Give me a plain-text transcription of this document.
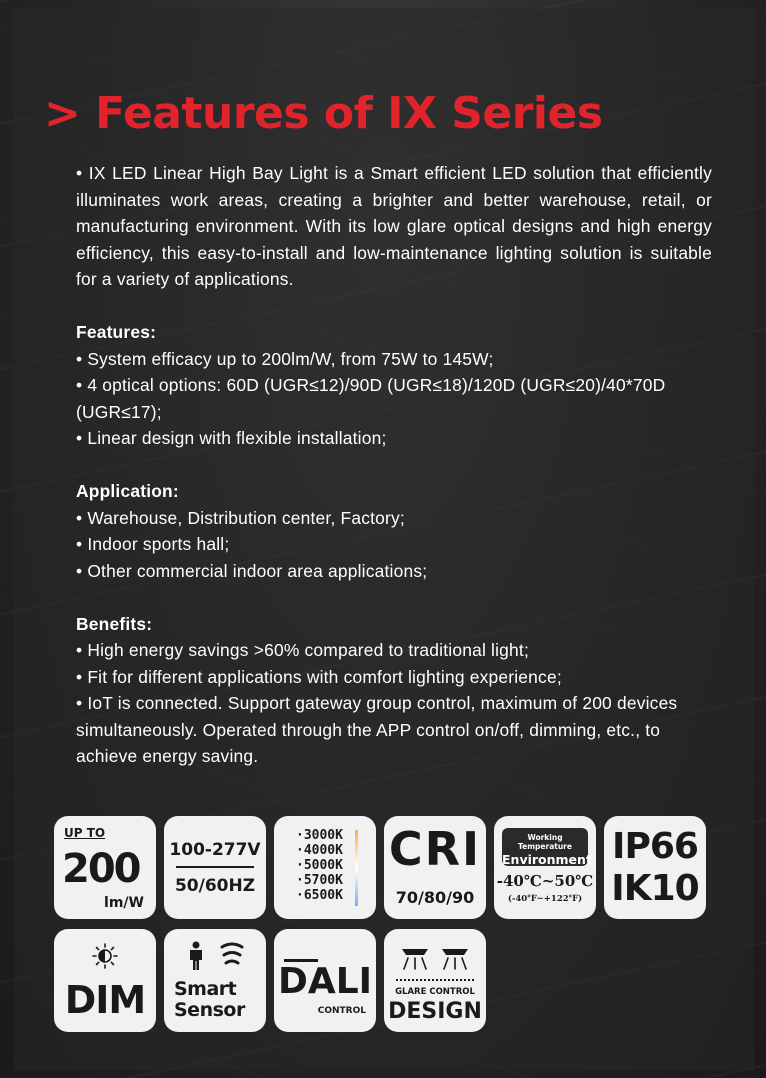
> Features of IX Series

• IX LED Linear High Bay Light is a Smart efficient LED solution that efficiently illuminates work areas, creating a brighter and better warehouse, retail, or manufacturing environment. With its low glare optical designs and high energy efficiency, this easy-to-install and low-maintenance lighting solution is suitable for a variety of applications.

Features:

• System efficacy up to 200lm/W, from 75W to 145W;

• 4 optical options: 60D (UGR≤12)/90D (UGR≤18)/120D (UGR≤20)/40*70D (UGR≤17);

• Linear design with flexible installation;

Application:

• Warehouse, Distribution center, Factory;

• Indoor sports hall;

• Other commercial indoor area applications;

Benefits:

• High energy savings >60% compared to traditional light;

• Fit for different applications with comfort lighting experience;

• IoT is connected. Support gateway group control, maximum of 200 devices simultaneously. Operated through the APP control on/off, dimming, etc., to achieve energy saving.

UP TO
200
lm/W
100-277V
50/60HZ
·3000K
·4000K
·5000K
·5700K
·6500K
CRI
70/80/90
Working Temperature
Environment
-40℃~50℃
(-40℉~+122℉)
IP66
IK10
DIM	Smart
Sensor
DALI
CONTROL
GLARE CONTROL
DESIGN
